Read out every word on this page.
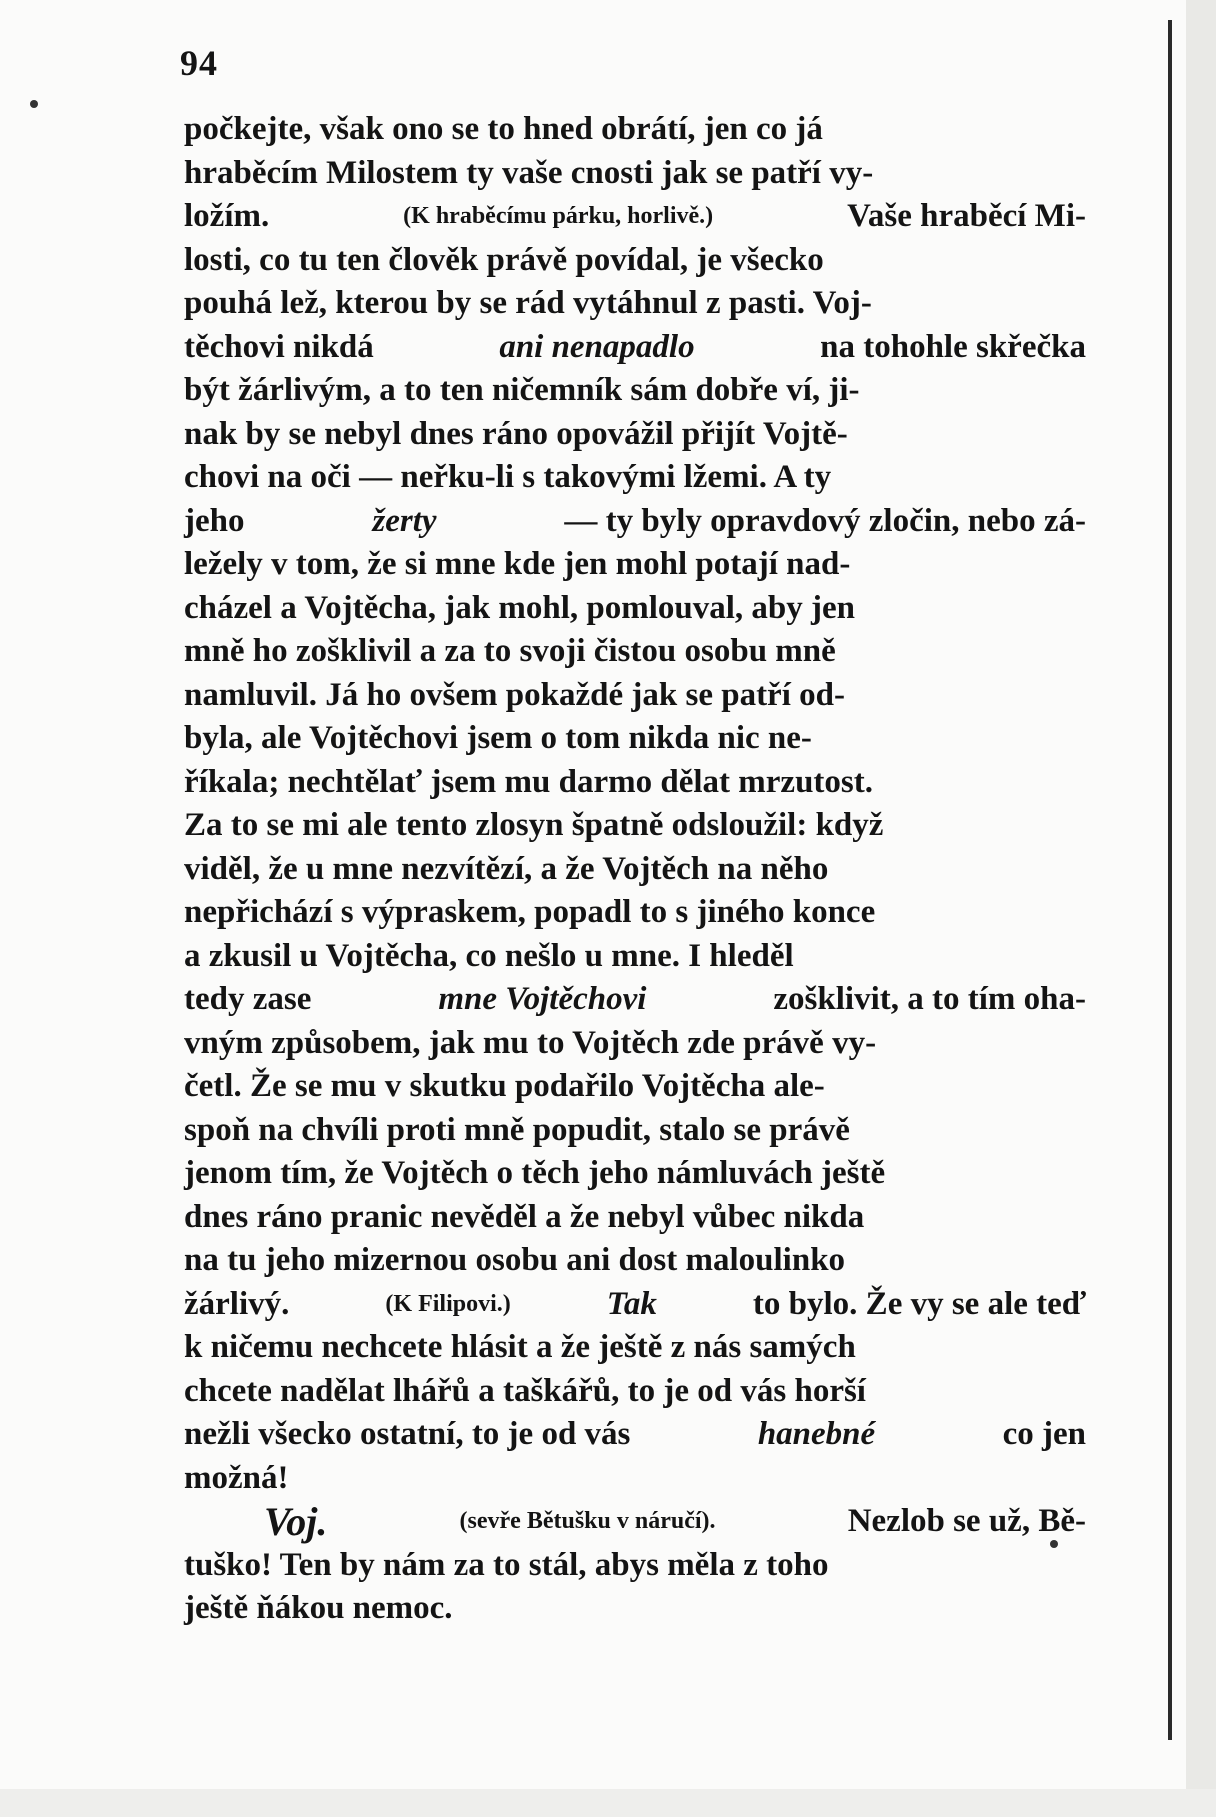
94
počkejte, však ono se to hned obrátí, jen co já
hraběcím Milostem ty vaše cnosti jak se patří vy-
ložím.	(K hraběcímu párku, horlivě.)	Vaše hraběcí Mi-
losti, co tu ten člověk právě povídal, je všecko
pouhá lež, kterou by se rád vytáhnul z pasti. Voj-
těchovi nikdá	ani nenapadlo	na tohohle skřečka
být žárlivým, a to ten ničemník sám dobře ví, ji-
nak by se nebyl dnes ráno opovážil přijít Vojtě-
chovi na oči — neřku-li s takovými lžemi. A ty
jeho	žerty	— ty byly opravdový zločin, nebo zá-
ležely v tom, že si mne kde jen mohl potají nad-
cházel a Vojtěcha, jak mohl, pomlouval, aby jen
mně ho zošklivil a za to svoji čistou osobu mně
namluvil. Já ho ovšem pokaždé jak se patří od-
byla, ale Vojtěchovi jsem o tom nikda nic ne-
říkala; nechtělať jsem mu darmo dělat mrzutost.
Za to se mi ale tento zlosyn špatně odsloužil: když
viděl, že u mne nezvítězí, a že Vojtěch na něho
nepřichází s výpraskem, popadl to s jiného konce
a zkusil u Vojtěcha, co nešlo u mne. I hleděl
tedy zase	mne Vojtěchovi	zošklivit, a to tím oha-
vným způsobem, jak mu to Vojtěch zde právě vy-
četl. Že se mu v skutku podařilo Vojtěcha ale-
spoň na chvíli proti mně popudit, stalo se právě
jenom tím, že Vojtěch o těch jeho námluvách ještě
dnes ráno pranic nevěděl a že nebyl vůbec nikda
na tu jeho mizernou osobu ani dost maloulinko
žárlivý.	(K Filipovi.)	Tak	to bylo. Že vy se ale teď
k ničemu nechcete hlásit a že ještě z nás samých
chcete nadělat lhářů a taškářů, to je od vás horší
nežli všecko ostatní, to je od vás	hanebné	co jen
možná!
Voj.	(sevře Bětušku v náručí).	Nezlob se už, Bě-
tuško! Ten by nám za to stál, abys měla z toho
ještě ňákou nemoc.
